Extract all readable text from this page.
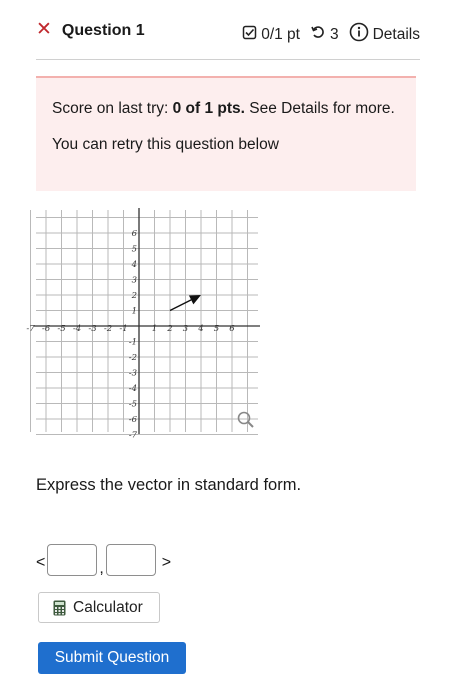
✕ Question 1	0/1 pt 3 Details

Score on last try: 0 of 1 pts. See Details for more.

You can retry this question below

-7 -6 -5 -4 -3 -2 -1	1 2 3 4 5 6
6
5
4
3
2
1
-1
-2
-3
-4
-5
-6
-7
Express the vector in standard form.
<	,	>
Calculator
Submit Question
